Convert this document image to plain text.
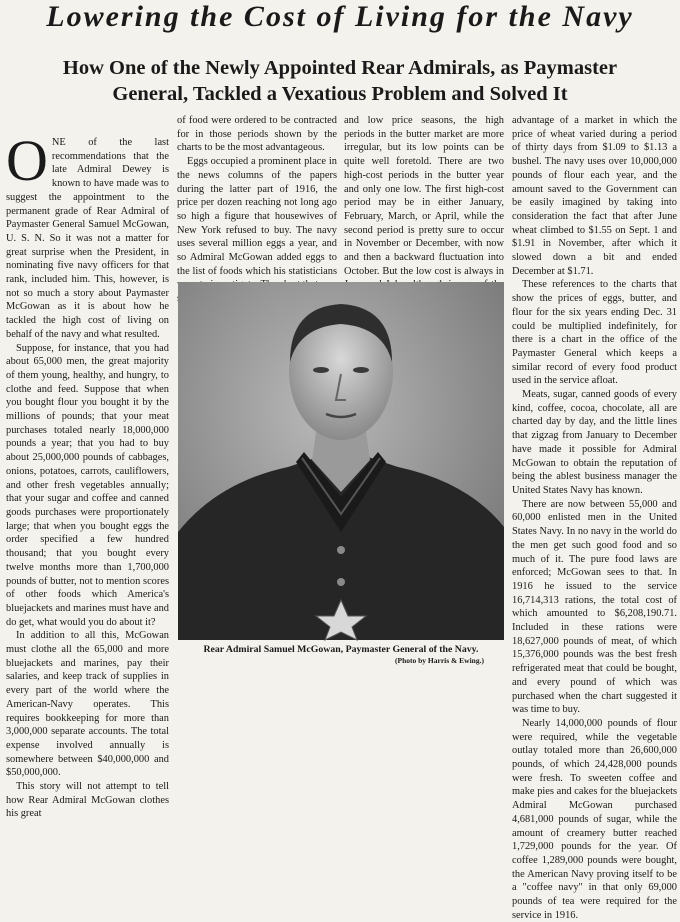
Lowering the Cost of Living for the Navy
How One of the Newly Appointed Rear Admirals, as Paymaster General, Tackled a Vexatious Problem and Solved It

ONE of the last recommendations that the late Admiral Dewey is known to have made was to suggest the appointment to the permanent grade of Rear Admiral of Paymaster General Samuel McGowan, U. S. N. So it was not a matter for great surprise when the President, in nominating five navy officers for that rank, included him. This, however, is not so much a story about Paymaster McGowan as it is about how he tackled the high cost of living on behalf of the navy and what resulted.

Suppose, for instance, that you had about 65,000 men, the great majority of them young, healthy, and hungry, to clothe and feed. Suppose that when you bought flour you bought it by the millions of pounds; that your meat purchases totaled nearly 18,000,000 pounds a year; that you had to buy about 25,000,000 pounds of cabbages, onions, potatoes, carrots, cauliflowers, and other fresh vegetables annually; that your sugar and coffee and canned goods purchases were proportionately large; that when you bought eggs the order specified a few hundred thousand; that you bought every twelve months more than 1,700,000 pounds of butter, not to mention scores of other foods which America's bluejackets and marines must have and do get, what would you do about it?

In addition to all this, McGowan must clothe all the 65,000 and more bluejackets and marines, pay their salaries, and keep track of supplies in every part of the world where the American-Navy operates. This requires bookkeeping for more than 3,000,000 separate accounts. The total expense involved annually is somewhere between $40,000,000 and $50,000,000.

This story will not attempt to tell how Rear Admiral McGowan clothes his great

of food were ordered to be contracted for in those periods shown by the charts to be the most advantageous.

Eggs occupied a prominent place in the news columns of the papers during the latter part of 1916, the price per dozen reaching not long ago so high a figure that housewives of New York refused to buy. The navy uses several million eggs a year, and so Admiral McGowan added eggs to the list of foods which his statisticians

and low price seasons, the high periods in the butter market are more irregular, but its low points can be quite well foretold. There are two high-cost periods in the butter year and only one low. The first high-cost period may be in either January, February, March, or April, while the second period is pretty sure to occur in November or December, with now and then a backward fluctuation into October. But the low cost is always in

advantage of a market in which the price of wheat varied during a period of thirty days from $1.09 to $1.13 a bushel. The navy uses over 10,000,000 pounds of flour each year, and the amount saved to the Government can be easily imagined by taking into consideration the fact that after June wheat climbed to $1.55 on Sept. 1 and $1.91 in November, after which it slowed down a bit and ended December at $1.71.

These references to the charts that show the prices of eggs, butter, and flour for the six years ending Dec. 31 could be multiplied indefinitely, for there is a chart in the office of the Paymaster General which keeps a similar record of every food product used in the service afloat.

Meats, sugar, canned goods of every kind, coffee, cocoa, chocolate, all are charted day by day, and the little lines that zigzag from January to December have made it possible for Admiral McGowan to obtain the reputation of being the ablest business manager the United States Navy has known.

There are now between 55,000 and 60,000 enlisted men in the United States Navy. In no navy in the world do the men get such good food and so much of it. The pure food laws are enforced; McGowan sees to that. In 1916 he issued to the service 16,714,313 rations, the total cost of which amounted to $6,208,190.71. Included in these rations were 18,627,000 pounds of meat, of which 15,376,000 pounds was the best fresh refrigerated meat that could be bought, and every pound of which was purchased when the chart suggested it was time to buy.

Nearly 14,000,000 pounds of flour were required, while the vegetable outlay totaled more than 26,600,000 pounds, of which 24,428,000 pounds were fresh. To sweeten coffee and make pies and cakes for the bluejackets Admiral McGowan purchased 4,681,000 pounds of sugar, while the amount of creamery butter reached 1,729,000 pounds for the year. Of coffee 1,289,000 pounds were bought, the American Navy proving itself to be a "coffee navy" in that only 69,000 pounds of tea were required for the service in 1916.

Rear Admiral Samuel McGowan, Paymaster General of the Navy.
(Photo by Harris & Ewing.)
